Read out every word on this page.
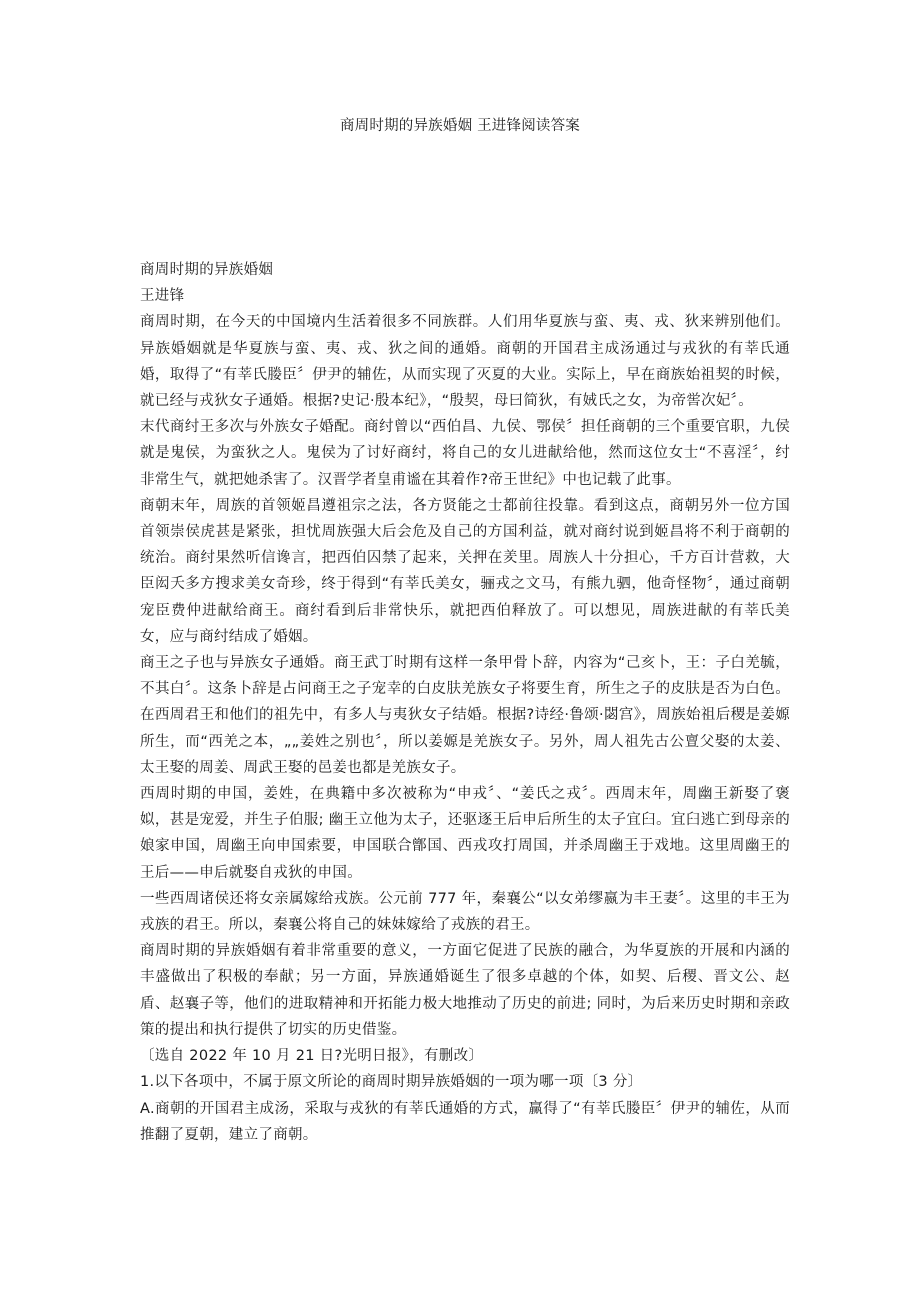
商周时期的异族婚姻 王进锋阅读答案

商周时期的异族婚姻

王进锋

商周时期，在今天的中国境内生活着很多不同族群。人们用华夏族与蛮、夷、戎、狄来辨别他们。异族婚姻就是华夏族与蛮、夷、戎、狄之间的通婚。商朝的开国君主成汤通过与戎狄的有莘氏通婚，取得了“有莘氏媵臣〞伊尹的辅佐，从而实现了灭夏的大业。实际上，早在商族始祖契的时候，就已经与戎狄女子通婚。根据?史记·殷本纪》，“殷契，母曰简狄，有娀氏之女，为帝喾次妃〞。

末代商纣王多次与外族女子婚配。商纣曾以“西伯昌、九侯、鄂侯〞担任商朝的三个重要官职，九侯就是鬼侯，为蛮狄之人。鬼侯为了讨好商纣，将自己的女儿进献给他，然而这位女士“不喜淫〞，纣非常生气，就把她杀害了。汉晋学者皇甫谧在其着作?帝王世纪》中也记载了此事。

商朝末年，周族的首领姬昌遵祖宗之法，各方贤能之士都前往投靠。看到这点，商朝另外一位方国首领崇侯虎甚是紧张，担忧周族强大后会危及自己的方国利益，就对商纣说到姬昌将不利于商朝的统治。商纣果然听信谗言，把西伯囚禁了起来，关押在羑里。周族人十分担心，千方百计营救，大臣闳夭多方搜求美女奇珍，终于得到“有莘氏美女，骊戎之文马，有熊九驷，他奇怪物〞，通过商朝宠臣费仲进献给商王。商纣看到后非常快乐，就把西伯释放了。可以想见，周族进献的有莘氏美女，应与商纣结成了婚姻。

商王之子也与异族女子通婚。商王武丁时期有这样一条甲骨卜辞，内容为“己亥卜，王：子白羌毓，不其白〞。这条卜辞是占问商王之子宠幸的白皮肤羌族女子将要生育，所生之子的皮肤是否为白色。在西周君王和他们的祖先中，有多人与夷狄女子结婚。根据?诗经·鲁颂·閟宫》，周族始祖后稷是姜嫄所生，而“西羌之本，„„姜姓之别也〞，所以姜嫄是羌族女子。另外，周人祖先古公亶父娶的太姜、太王娶的周姜、周武王娶的邑姜也都是羌族女子。

西周时期的申国，姜姓，在典籍中多次被称为“申戎〞、“姜氏之戎〞。西周末年，周幽王新娶了褒姒，甚是宠爱，并生子伯服; 幽王立他为太子，还驱逐王后申后所生的太子宜臼。宜臼逃亡到母亲的娘家申国，周幽王向申国索要，申国联合鄫国、西戎攻打周国，并杀周幽王于戏地。这里周幽王的王后——申后就娶自戎狄的申国。

一些西周诸侯还将女亲属嫁给戎族。公元前 777 年，秦襄公“以女弟缪嬴为丰王妻〞。这里的丰王为戎族的君王。所以，秦襄公将自己的妹妹嫁给了戎族的君王。

商周时期的异族婚姻有着非常重要的意义，一方面它促进了民族的融合，为华夏族的开展和内涵的丰盛做出了积极的奉献；另一方面，异族通婚诞生了很多卓越的个体，如契、后稷、晋文公、赵盾、赵襄子等，他们的进取精神和开拓能力极大地推动了历史的前进; 同时，为后来历史时期和亲政策的提出和执行提供了切实的历史借鉴。

〔选自 2022 年 10 月 21 日?光明日报》，有删改〕

1.以下各项中，不属于原文所论的商周时期异族婚姻的一项为哪一项〔3 分〕

A.商朝的开国君主成汤，采取与戎狄的有莘氏通婚的方式，赢得了“有莘氏媵臣〞伊尹的辅佐，从而推翻了夏朝，建立了商朝。
